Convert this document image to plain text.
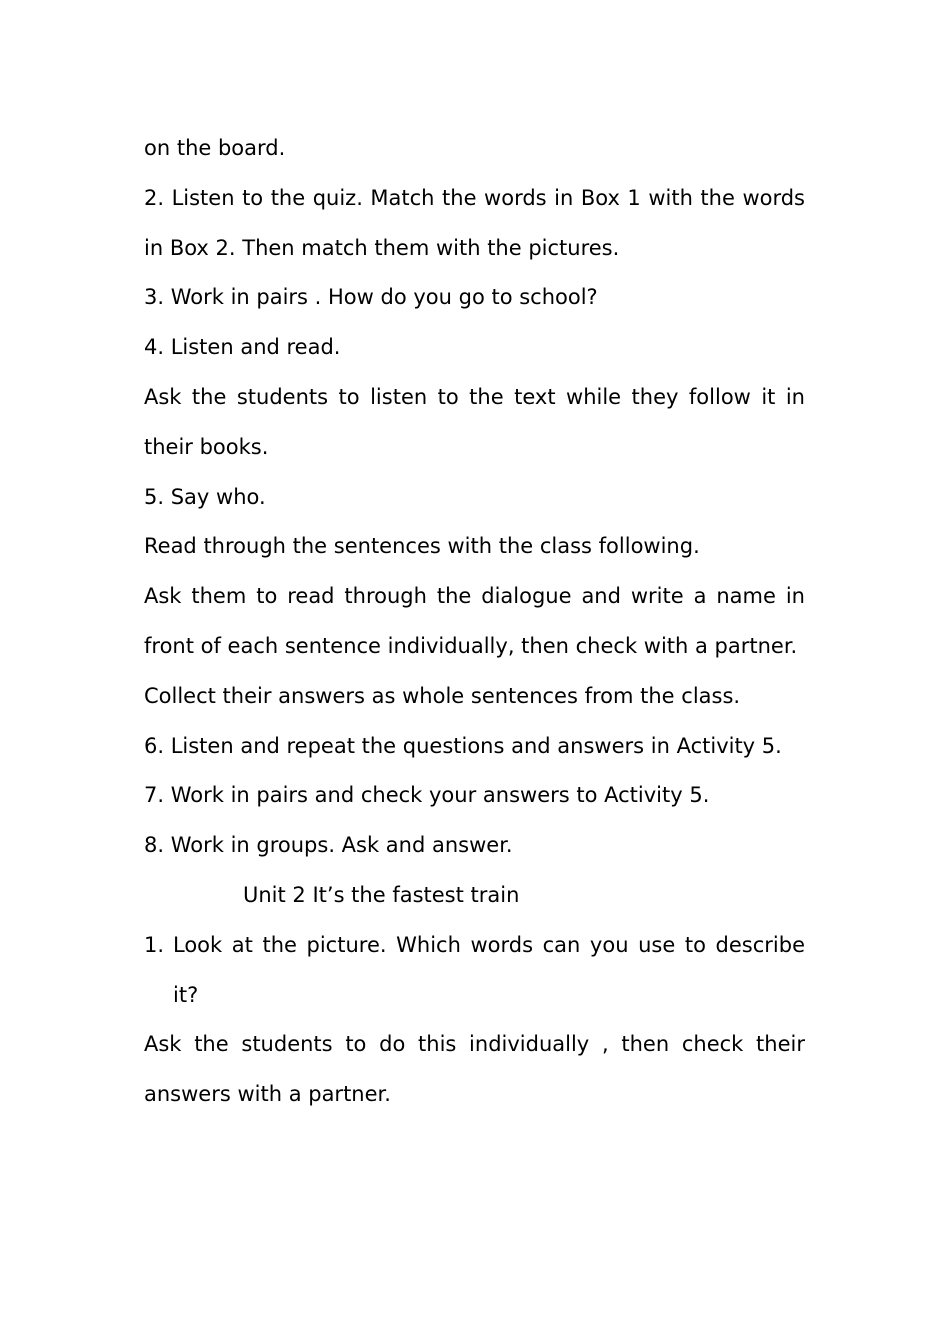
on the board.

2. Listen to the quiz. Match the words in Box 1 with the words in Box 2. Then match them with the pictures.

3. Work in pairs . How do you go to school?

4. Listen and read.

Ask the students to listen to the text while they follow it in their books.

5. Say who.

Read through the sentences with the class following.

Ask them to read through the dialogue and write a name in front of each sentence individually, then check with a partner.

Collect their answers as whole sentences from the class.

6. Listen and repeat the questions and answers in Activity 5.

7. Work in pairs and check your answers to Activity 5.

8. Work in groups. Ask and answer.

Unit 2 It’s the fastest train

1. Look at the picture. Which words can you use to describe it?

Ask the students to do this individually , then check their answers with a partner.
